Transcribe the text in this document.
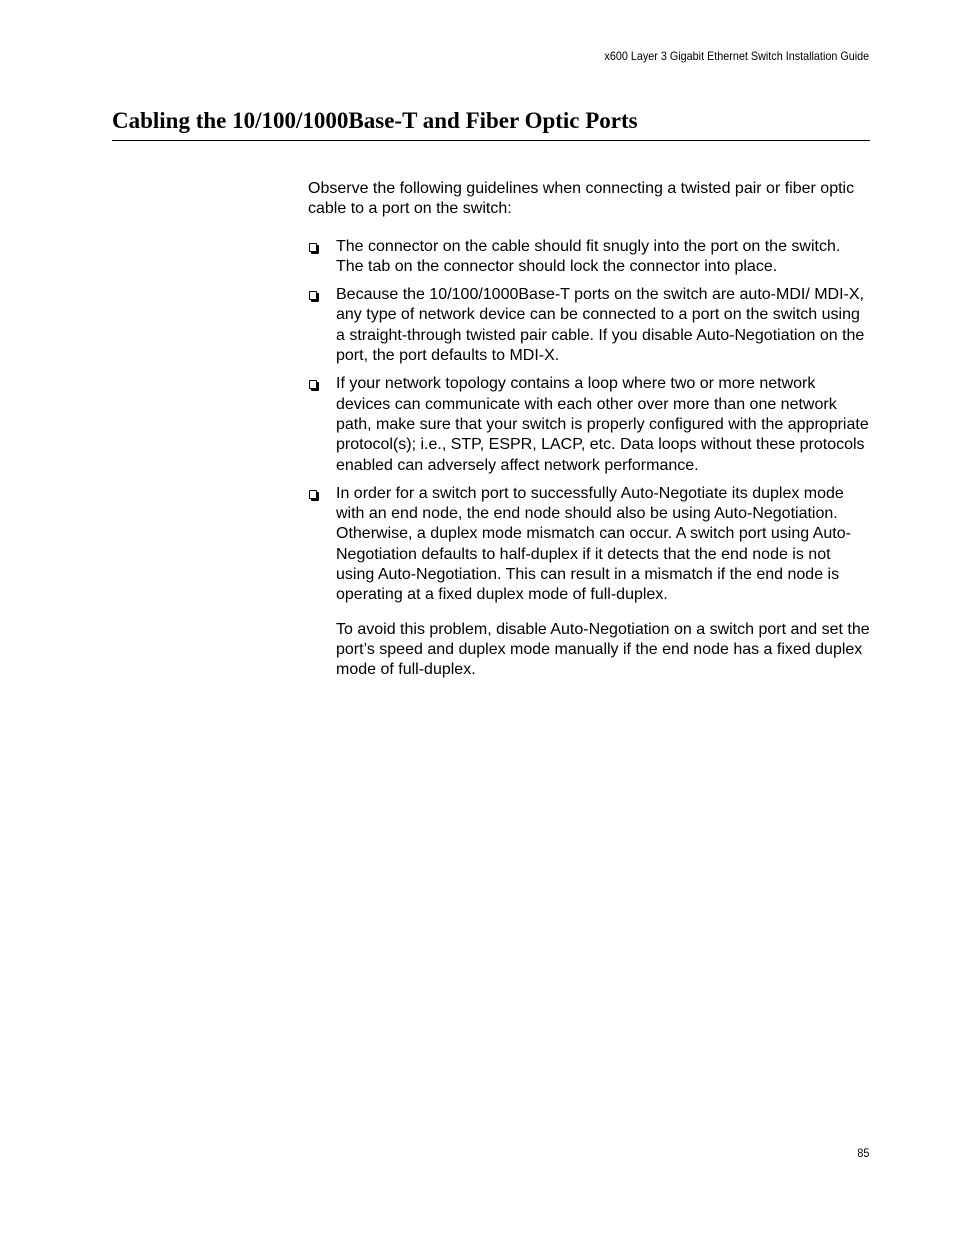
x600 Layer 3 Gigabit Ethernet Switch Installation Guide
Cabling the 10/100/1000Base-T and Fiber Optic Ports

Observe the following guidelines when connecting a twisted pair or fiber optic cable to a port on the switch:

The connector on the cable should fit snugly into the port on the switch. The tab on the connector should lock the connector into place.
Because the 10/100/1000Base-T ports on the switch are auto-MDI/ MDI-X, any type of network device can be connected to a port on the switch using a straight-through twisted pair cable. If you disable Auto-Negotiation on the port, the port defaults to MDI-X.
If your network topology contains a loop where two or more network devices can communicate with each other over more than one network path, make sure that your switch is properly configured with the appropriate protocol(s); i.e., STP, ESPR, LACP, etc. Data loops without these protocols enabled can adversely affect network performance.
In order for a switch port to successfully Auto-Negotiate its duplex mode with an end node, the end node should also be using Auto-Negotiation. Otherwise, a duplex mode mismatch can occur. A switch port using Auto-Negotiation defaults to half-duplex if it detects that the end node is not using Auto-Negotiation. This can result in a mismatch if the end node is operating at a fixed duplex mode of full-duplex.

To avoid this problem, disable Auto-Negotiation on a switch port and set the port’s speed and duplex mode manually if the end node has a fixed duplex mode of full-duplex.

85
